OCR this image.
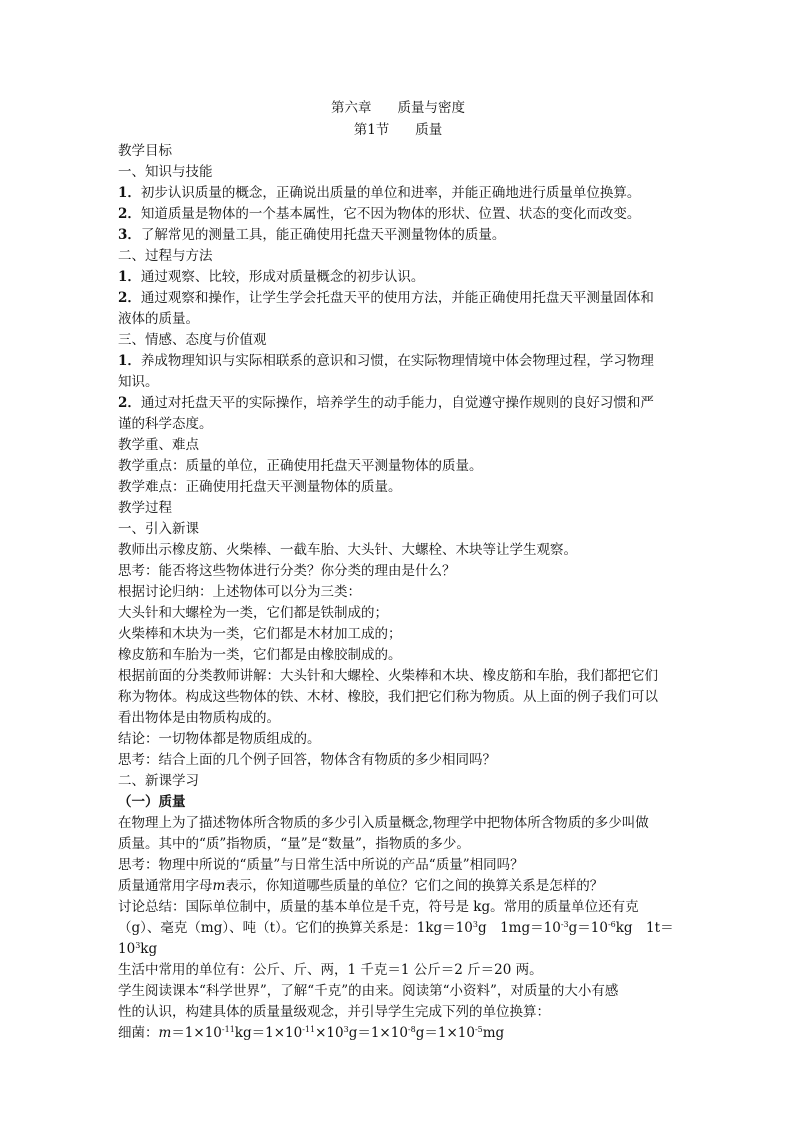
第六章 质量与密度
第1节 质量
教学目标
一、知识与技能
1．初步认识质量的概念，正确说出质量的单位和进率，并能正确地进行质量单位换算。
2．知道质量是物体的一个基本属性，它不因为物体的形状、位置、状态的变化而改变。
3．了解常见的测量工具，能正确使用托盘天平测量物体的质量。
二、过程与方法
1．通过观察、比较，形成对质量概念的初步认识。
2．通过观察和操作，让学生学会托盘天平的使用方法，并能正确使用托盘天平测量固体和
液体的质量。
三、情感、态度与价值观
1．养成物理知识与实际相联系的意识和习惯，在实际物理情境中体会物理过程，学习物理
知识。
2．通过对托盘天平的实际操作，培养学生的动手能力，自觉遵守操作规则的良好习惯和严
谨的科学态度。
教学重、难点
教学重点：质量的单位，正确使用托盘天平测量物体的质量。
教学难点：正确使用托盘天平测量物体的质量。
教学过程
一、引入新课
教师出示橡皮筋、火柴棒、一截车胎、大头针、大螺栓、木块等让学生观察。
思考：能否将这些物体进行分类？你分类的理由是什么？
根据讨论归纳：上述物体可以分为三类：
大头针和大螺栓为一类，它们都是铁制成的；
火柴棒和木块为一类，它们都是木材加工成的；
橡皮筋和车胎为一类，它们都是由橡胶制成的。
根据前面的分类教师讲解：大头针和大螺栓、火柴棒和木块、橡皮筋和车胎，我们都把它们
称为物体。构成这些物体的铁、木材、橡胶，我们把它们称为物质。从上面的例子我们可以
看出物体是由物质构成的。
结论：一切物体都是物质组成的。
思考：结合上面的几个例子回答，物体含有物质的多少相同吗？
二、新课学习
（一）质量
在物理上为了描述物体所含物质的多少引入质量概念,物理学中把物体所含物质的多少叫做
质量。其中的“质”指物质，“量”是“数量”，指物质的多少。
思考：物理中所说的“质量”与日常生活中所说的产品“质量”相同吗？
质量通常用字母m表示，你知道哪些质量的单位？它们之间的换算关系是怎样的？
讨论总结：国际单位制中，质量的基本单位是千克，符号是 kg。常用的质量单位还有克
（g）、毫克（mg）、吨（t）。它们的换算关系是：$1kg=10^3g$　$1mg=10^{-3}g=10^{-6}kg$　1t＝
$10^3kg$
生活中常用的单位有：公斤、斤、两，1 千克＝1 公斤＝2 斤＝20 两。
学生阅读课本“科学世界”，了解“千克”的由来。阅读第“小资料”，对质量的大小有感
性的认识，构建具体的质量量级观念，并引导学生完成下列的单位换算：
细菌：$m=1\times 10^{-11}kg=1\times 10^{-11}\times 10^3g=1\times 10^{-8}g=1\times 10^{-5}mg$
